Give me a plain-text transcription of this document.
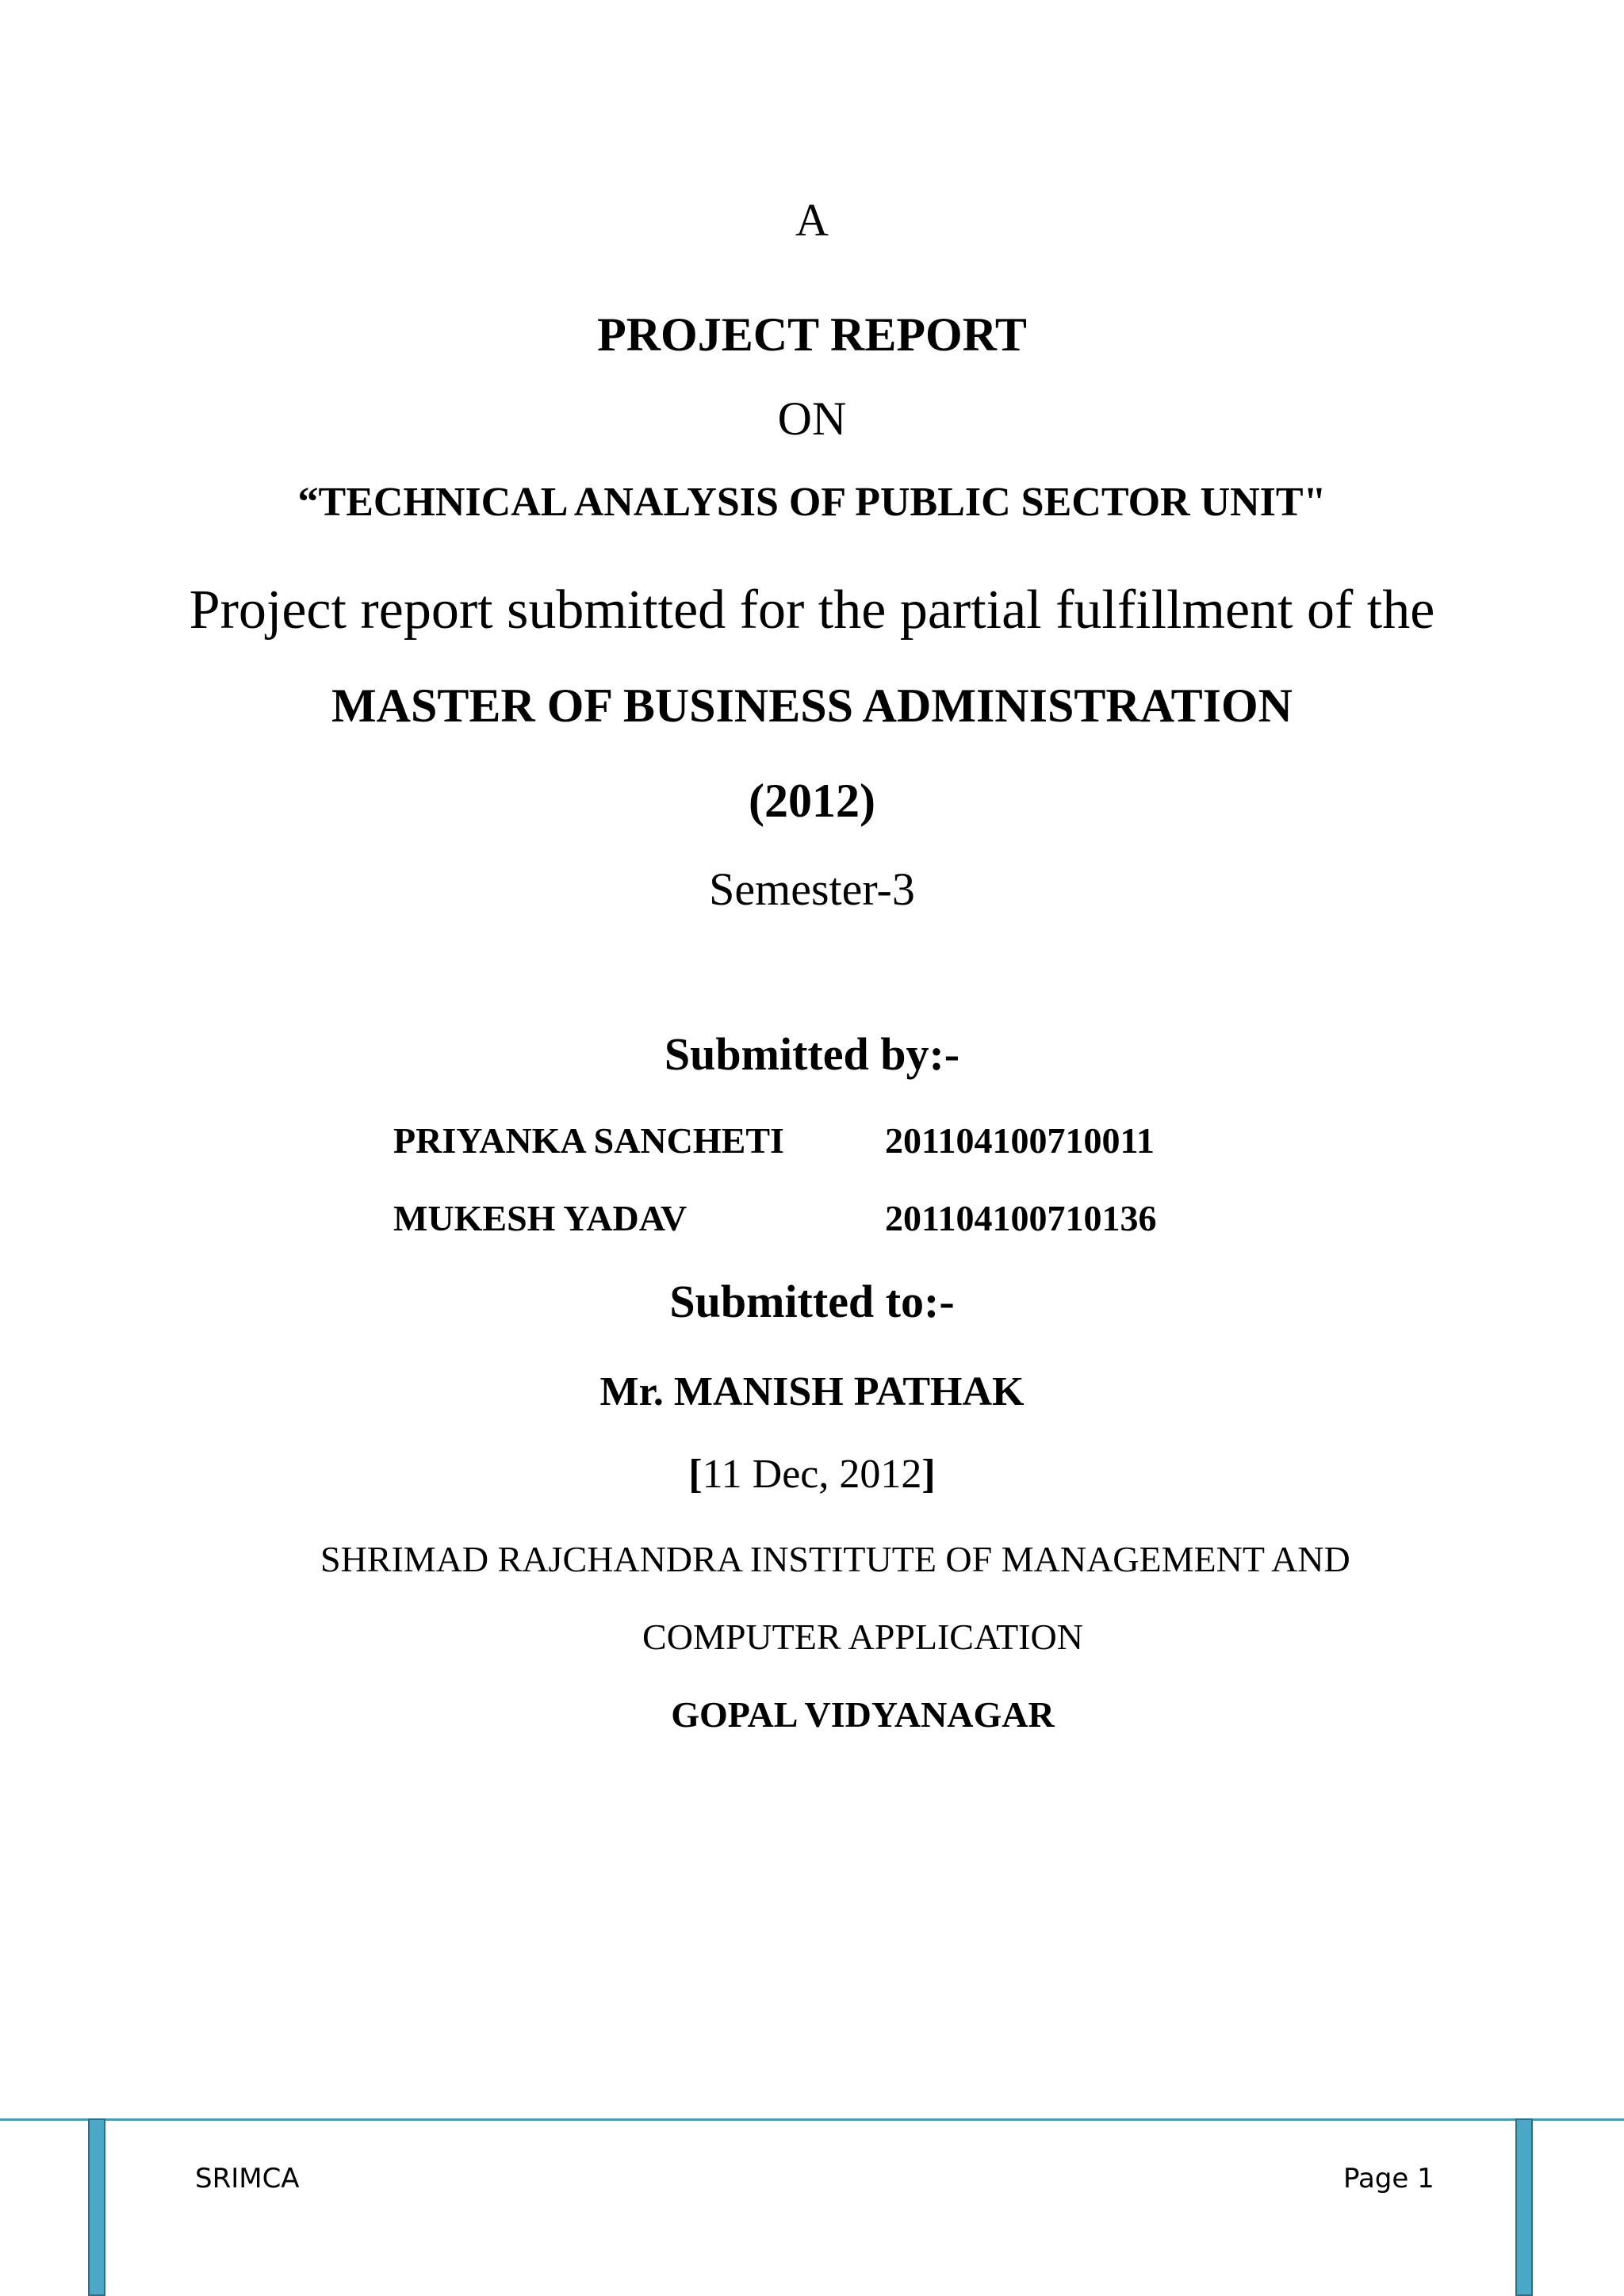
A
PROJECT REPORT
ON
“TECHNICAL ANALYSIS OF PUBLIC SECTOR UNIT"
Project report submitted for the partial fulfillment of the
MASTER OF BUSINESS ADMINISTRATION
(2012)
Semester-3
Submitted by:-
PRIYANKA SANCHETI	201104100710011
MUKESH YADAV	201104100710136
Submitted to:-
Mr. MANISH PATHAK
[11 Dec, 2012]
SHRIMAD RAJCHANDRA INSTITUTE OF MANAGEMENT AND
COMPUTER APPLICATION
GOPAL VIDYANAGAR
SRIMCA	Page 1
